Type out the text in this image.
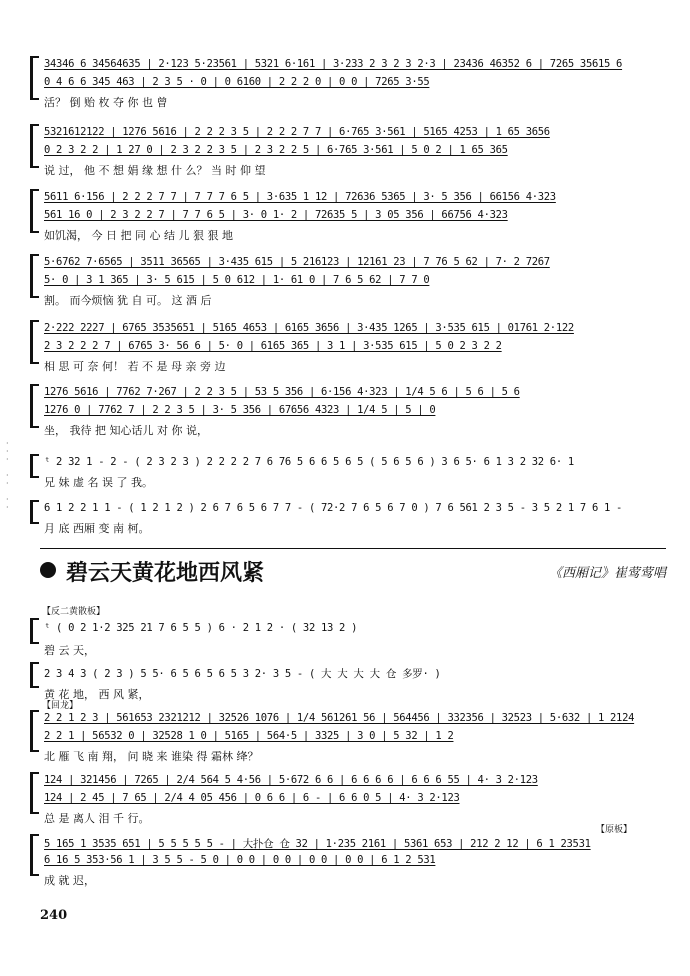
34346 6 34564635 | 2·123 5·23561 | 5321 6·161 | 3·233 2 3 2 3 2·3 | 23436 46352 6 | 7265 35615 6
0 4 6 6 345 463 | 2 3 5 · 0 | 0 6160 | 2 2 2 0 | 0 0 | 7265 3·55
活？ 倒 贻 枚 夺 你 也 曾
5321612122 | 1276 5616 | 2 2 2 3 5 | 2 2 2 7 7 | 6·765 3·561 | 5165 4253 | 1 65 3656
0 2 3 2 2 | 1 27 0 | 2 3 2 2 3 5 | 2 3 2 2 5 | 6·765 3·561 | 5 0 2 | 1 65 365
说 过， 他 不 想 娟 缘 想 什 么？ 当 时 仰 望
5611 6·156 | 2 2 2 7 7 | 7 7 7 6 5 | 3·635 1 12 | 72636 5365 | 3· 5 356 | 66156 4·323
561 16 0 | 2 3 2 2 7 | 7 7 6 5 | 3· 0 1· 2 | 72635 5 | 3 05 356 | 66756 4·323
如饥渴， 今 日 把 同 心 结 儿 狠 狠 地
5·6762 7·6565 | 3511 36565 | 3·435 615 | 5 216123 | 12161 23 | 7 76 5 62 | 7· 2 7267
5· 0 | 3 1 365 | 3· 5 615 | 5 0 612 | 1· 61 0 | 7 6 5 62 | 7 7 0
割。 而今烦恼 犹 自 可。 这 酒 后
2·222 2227 | 6765 3535651 | 5165 4653 | 6165 3656 | 3·435 1265 | 3·535 615 | 01761 2·122
2 3 2 2 2 7 | 6765 3· 56 6 | 5· 0 | 6165 365 | 3 1 | 3·535 615 | 5 0 2 3 2 2
相 思 可 奈 何！ 若 不 是 母 亲 旁 边
1276 5616 | 7762 7·267 | 2 2 3 5 | 53 5 356 | 6·156 4·323 | 1/4 5 6 | 5 6 | 5 6
1276 0 | 7762 7 | 2 2 3 5 | 3· 5 356 | 67656 4323 | 1/4 5 | 5 | 0
坐， 我待 把 知心话儿 对 你 说，
ᵗ 2 32 1 - 2 - ( 2 3 2 3 ) 2 2 2 2 7 6 76 5 6 6 5 6 5 ( 5 6 5 6 ) 3 6 5· 6 1 3 2 32 6· 1
兄 妹 虚 名 误 了 我。
6 1 2 2 1 1 - ( 1 2 1 2 ) 2 6 7 6 5 6 7 7 - ( 72·2 7 6 5 6 7 0 ) 7 6 561 2 3 5 - 3 5 2 1 7 6 1 -
月 底 西厢 变 南 柯。
·
·
·

·
·

·
·
碧云天黄花地西风紧	《西厢记》崔莺莺唱
【反二黄散板】
ᵗ ( 0 2 1·2 325 21 7 6 5 5 ) 6 · 2 1 2 · ( 32 13 2 )
碧 云 天，
2 3 4 3 ( 2 3 ) 5 5· 6 5 6 5 6 5 3 2· 3 5 - ( 大 大 大 大 仓 多罗· )
黄 花 地， 西 风 紧，
【回龙】
2 2 1 2 3 | 561653 2321212 | 32526 1076 | 1/4 561261 56 | 564456 | 332356 | 32523 | 5·632 | 1 2124
2 2 1 | 56532 0 | 32528 1 0 | 5165 | 564·5 | 3325 | 3 0 | 5 32 | 1 2
北 雁 飞 南 翔， 问 晓 来 谁染 得 霜林 绛？
124 | 321456 | 7265 | 2/4 564 5 4·56 | 5·672 6 6 | 6 6 6 6 | 6 6 6 55 | 4· 3 2·123
124 | 2 45 | 7 65 | 2/4 4 05 456 | 0 6 6 | 6 - | 6 6 0 5 | 4· 3 2·123
总 是 离人 泪 千 行。
【原板】
5 165 1 3535 651 | 5 5 5 5 5 - | 大扑仓 仓 32 | 1·235 2161 | 5361 653 | 212 2 12 | 6 1 23531
6 16 5 353·56 1 | 3 5 5 - 5 0 | 0 0 | 0 0 | 0 0 | 0 0 | 6 1 2 531
成 就 迟，
240
